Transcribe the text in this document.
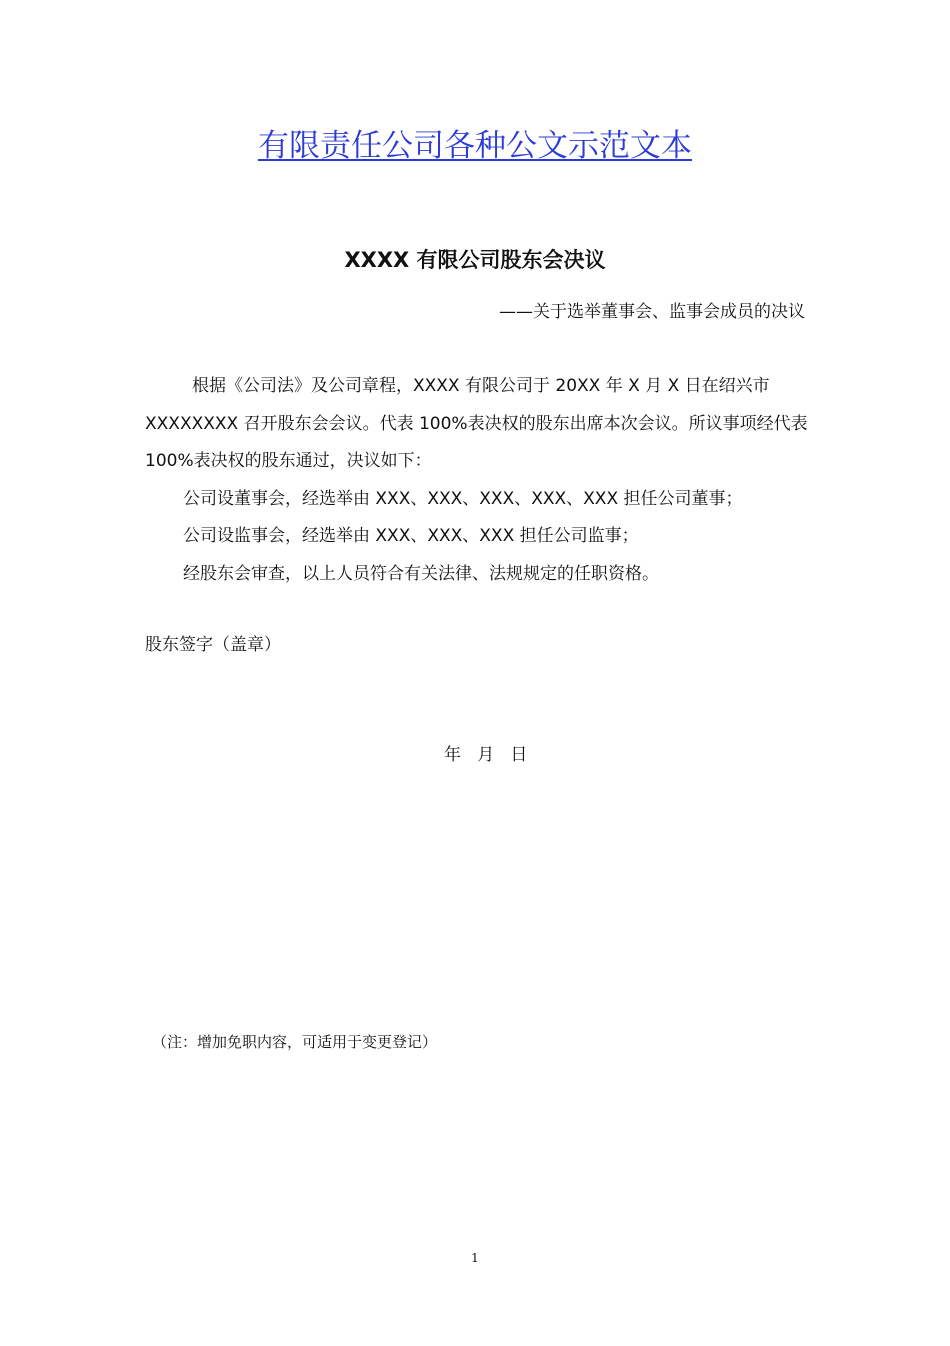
有限责任公司各种公文示范文本
XXXX 有限公司股东会决议
——关于选举董事会、监事会成员的决议

根据《公司法》及公司章程，XXXX 有限公司于 20XX 年 X 月 X 日在绍兴市 XXXXXXXX 召开股东会会议。代表 100%表决权的股东出席本次会议。所议事项经代表 100%表决权的股东通过，决议如下：

公司设董事会，经选举由 XXX、XXX、XXX、XXX、XXX 担任公司董事；

公司设监事会，经选举由 XXX、XXX、XXX 担任公司监事；

经股东会审查，以上人员符合有关法律、法规规定的任职资格。

股东签字（盖章）
年   月   日
（注：增加免职内容，可适用于变更登记）
1
